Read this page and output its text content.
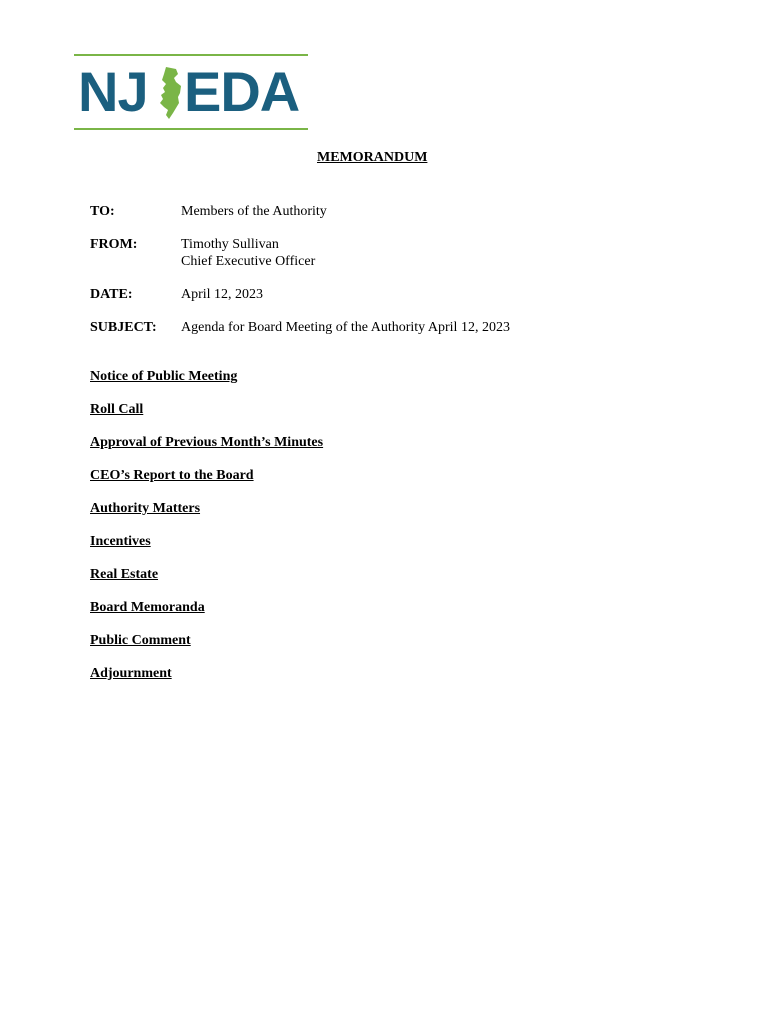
NJ EDA
MEMORANDUM
TO:	Members of the Authority
FROM:	Timothy Sullivan
Chief Executive Officer
DATE:	April 12, 2023
SUBJECT: Agenda for Board Meeting of the Authority April 12, 2023
Notice of Public Meeting
Roll Call
Approval of Previous Month’s Minutes
CEO’s Report to the Board
Authority Matters
Incentives
Real Estate
Board Memoranda
Public Comment
Adjournment
